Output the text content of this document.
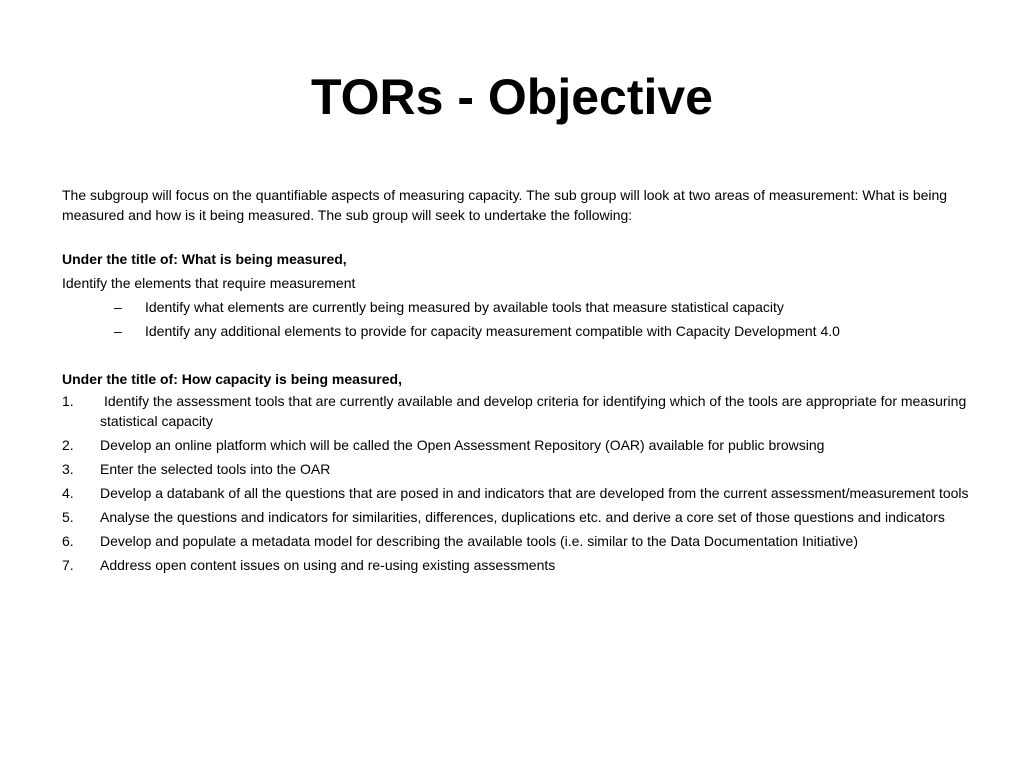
TORs - Objective

The subgroup will focus on the quantifiable aspects of measuring capacity. The sub group will look at two areas of measurement: What is being measured and how is it being measured. The sub group will seek to undertake the following:

Under the title of: What is being measured,

Identify the elements that require measurement

– Identify what elements are currently being measured by available tools that measure statistical capacity
– Identify any additional elements to provide for capacity measurement compatible with Capacity Development 4.0

Under the title of: How capacity is being measured,

1. Identify the assessment tools that are currently available and develop criteria for identifying which of the tools are appropriate for measuring statistical capacity
2. Develop an online platform which will be called the Open Assessment Repository (OAR) available for public browsing
3. Enter the selected tools into the OAR
4. Develop a databank of all the questions that are posed in and indicators that are developed from the current assessment/measurement tools
5. Analyse the questions and indicators for similarities, differences, duplications etc. and derive a core set of those questions and indicators
6. Develop and populate a metadata model for describing the available tools (i.e. similar to the Data Documentation Initiative)
7. Address open content issues on using and re-using existing assessments
